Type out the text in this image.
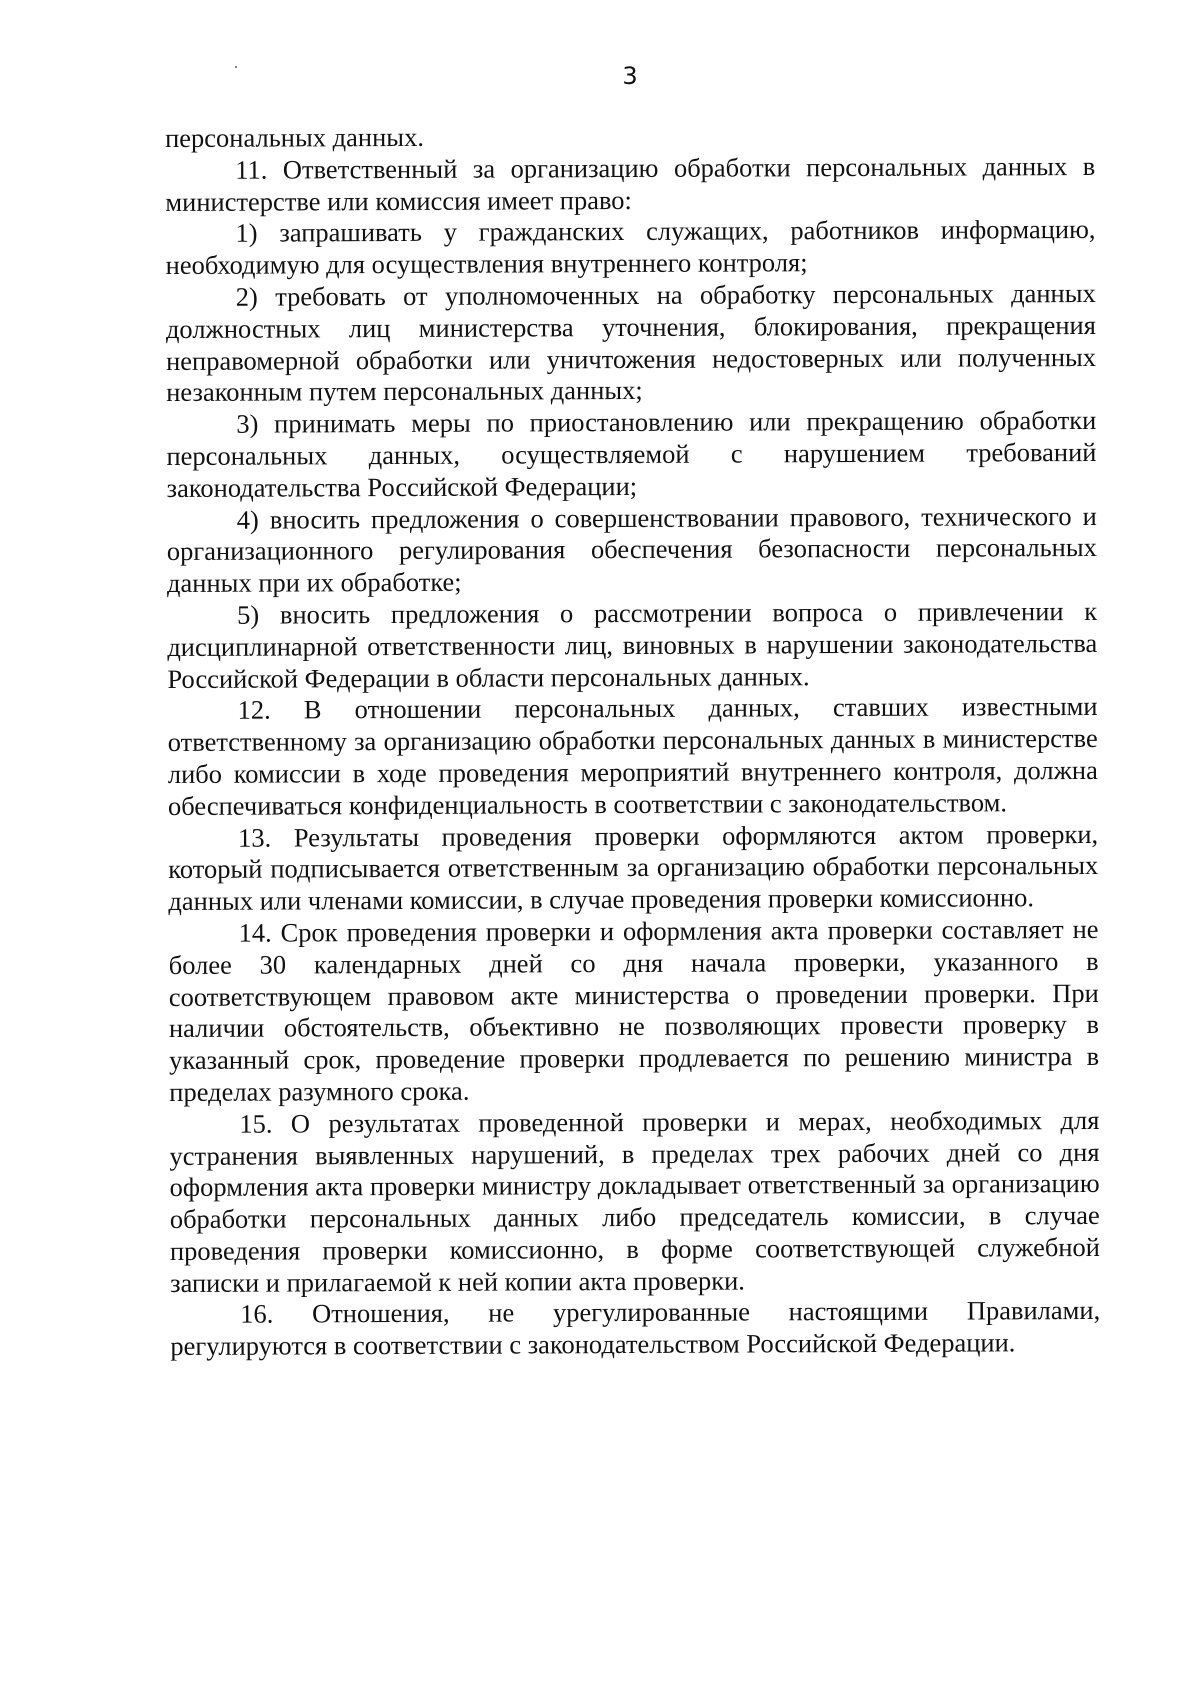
3

персональных данных.

11. Ответственный за организацию обработки персональных данных в министерстве или комиссия имеет право:

1) запрашивать у гражданских служащих, работников информацию, необходимую для осуществления внутреннего контроля;

2) требовать от уполномоченных на обработку персональных данных должностных лиц министерства уточнения, блокирования, прекращения неправомерной обработки или уничтожения недостоверных или полученных незаконным путем персональных данных;

3) принимать меры по приостановлению или прекращению обработки персональных данных, осуществляемой с нарушением требований законодательства Российской Федерации;

4) вносить предложения о совершенствовании правового, технического и организационного регулирования обеспечения безопасности персональных данных при их обработке;

5) вносить предложения о рассмотрении вопроса о привлечении к дисциплинарной ответственности лиц, виновных в нарушении законодательства Российской Федерации в области персональных данных.

12. В отношении персональных данных, ставших известными ответственному за организацию обработки персональных данных в министерстве либо комиссии в ходе проведения мероприятий внутреннего контроля, должна обеспечиваться конфиденциальность в соответствии с законодательством.

13. Результаты проведения проверки оформляются актом проверки, который подписывается ответственным за организацию обработки персональных данных или членами комиссии, в случае проведения проверки комиссионно.

14. Срок проведения проверки и оформления акта проверки составляет не более 30 календарных дней со дня начала проверки, указанного в соответствующем правовом акте министерства о проведении проверки. При наличии обстоятельств, объективно не позволяющих провести проверку в указанный срок, проведение проверки продлевается по решению министра в пределах разумного срока.

15. О результатах проведенной проверки и мерах, необходимых для устранения выявленных нарушений, в пределах трех рабочих дней со дня оформления акта проверки министру докладывает ответственный за организацию обработки персональных данных либо председатель комиссии, в случае проведения проверки комиссионно, в форме соответствующей служебной записки и прилагаемой к ней копии акта проверки.

16. Отношения, не урегулированные настоящими Правилами, регулируются в соответствии с законодательством Российской Федерации.
